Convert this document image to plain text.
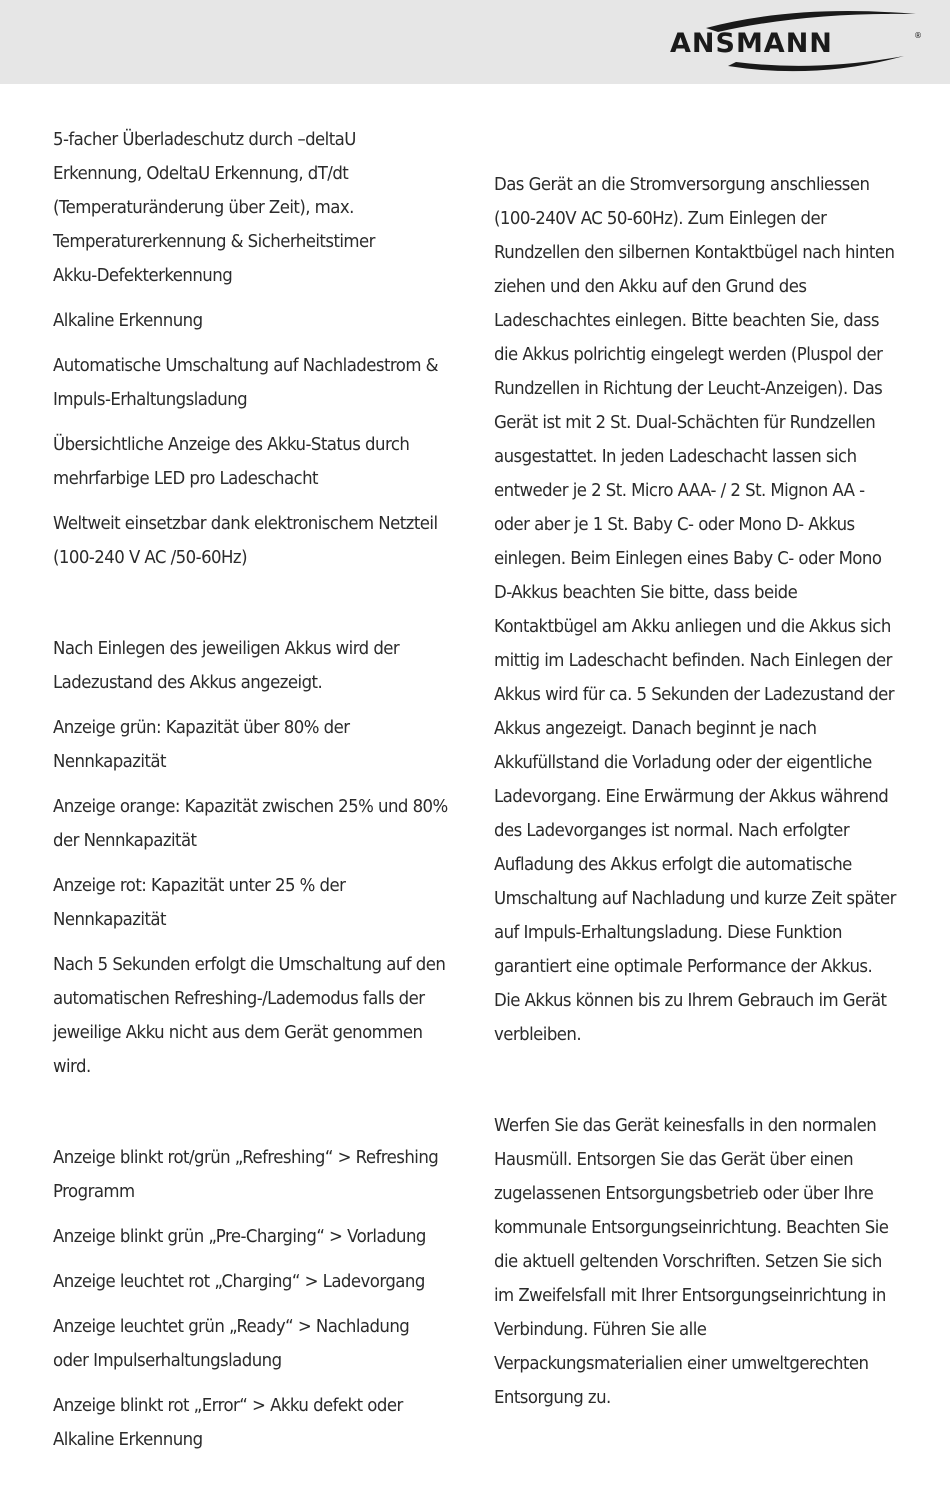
ANSMANN	®

5-facher Überladeschutz durch –deltaU Erkennung, OdeltaU Erkennung, dT/dt (Temperaturänderung über Zeit), max. Temperaturerkennung & Sicherheitstimer

Akku-Defekterkennung

Alkaline Erkennung

Automatische Umschaltung auf Nachladestrom & Impuls-Erhaltungsladung

Übersichtliche Anzeige des Akku-Status durch mehrfarbige LED pro Ladeschacht

Weltweit einsetzbar dank elektronischem Netzteil (100-240 V AC /50-60Hz)

Nach Einlegen des jeweiligen Akkus wird der Ladezustand des Akkus angezeigt.

Anzeige grün: Kapazität über 80% der Nennkapazität

Anzeige orange: Kapazität zwischen 25% und 80% der Nennkapazität

Anzeige rot: Kapazität unter 25 % der Nennkapazität

Nach 5 Sekunden erfolgt die Umschaltung auf den automatischen Refreshing-/Lademodus falls der jeweilige Akku nicht aus dem Gerät genommen wird.

Anzeige blinkt rot/grün „Refreshing“ > Refreshing Programm

Anzeige blinkt grün „Pre-Charging“ > Vorladung

Anzeige leuchtet rot „Charging“ > Ladevorgang

Anzeige leuchtet grün „Ready“ > Nachladung oder Impulserhaltungsladung

Anzeige blinkt rot „Error“ > Akku defekt oder Alkaline Erkennung

Das Gerät an die Stromversorgung anschliessen (100-240V AC 50-60Hz). Zum Einlegen der Rundzellen den silbernen Kontaktbügel nach hinten ziehen und den Akku auf den Grund des Ladeschachtes einlegen. Bitte beachten Sie, dass die Akkus polrichtig eingelegt werden (Pluspol der Rundzellen in Richtung der Leucht-Anzeigen). Das Gerät ist mit 2 St. Dual-Schächten für Rundzellen ausgestattet. In jeden Ladeschacht lassen sich entweder je 2 St. Micro AAA- / 2 St. Mignon AA - oder aber je 1 St. Baby C- oder Mono D- Akkus einlegen. Beim Einlegen eines Baby C- oder Mono D-Akkus beachten Sie bitte, dass beide Kontaktbügel am Akku anliegen und die Akkus sich mittig im Ladeschacht befinden. Nach Einlegen der Akkus wird für ca. 5 Sekunden der Ladezustand der Akkus angezeigt. Danach beginnt je nach Akkufüllstand die Vorladung oder der eigentliche Ladevorgang. Eine Erwärmung der Akkus während des Ladevorganges ist normal. Nach erfolgter Aufladung des Akkus erfolgt die automatische Umschaltung auf Nachladung und kurze Zeit später auf Impuls-Erhaltungsladung. Diese Funktion garantiert eine optimale Performance der Akkus. Die Akkus können bis zu Ihrem Gebrauch im Gerät verbleiben.

Werfen Sie das Gerät keinesfalls in den normalen Hausmüll. Entsorgen Sie das Gerät über einen zugelassenen Entsorgungsbetrieb oder über Ihre kommunale Entsorgungseinrichtung. Beachten Sie die aktuell geltenden Vorschriften. Setzen Sie sich im Zweifelsfall mit Ihrer Entsorgungseinrichtung in Verbindung. Führen Sie alle Verpackungsmaterialien einer umweltgerechten Entsorgung zu.
